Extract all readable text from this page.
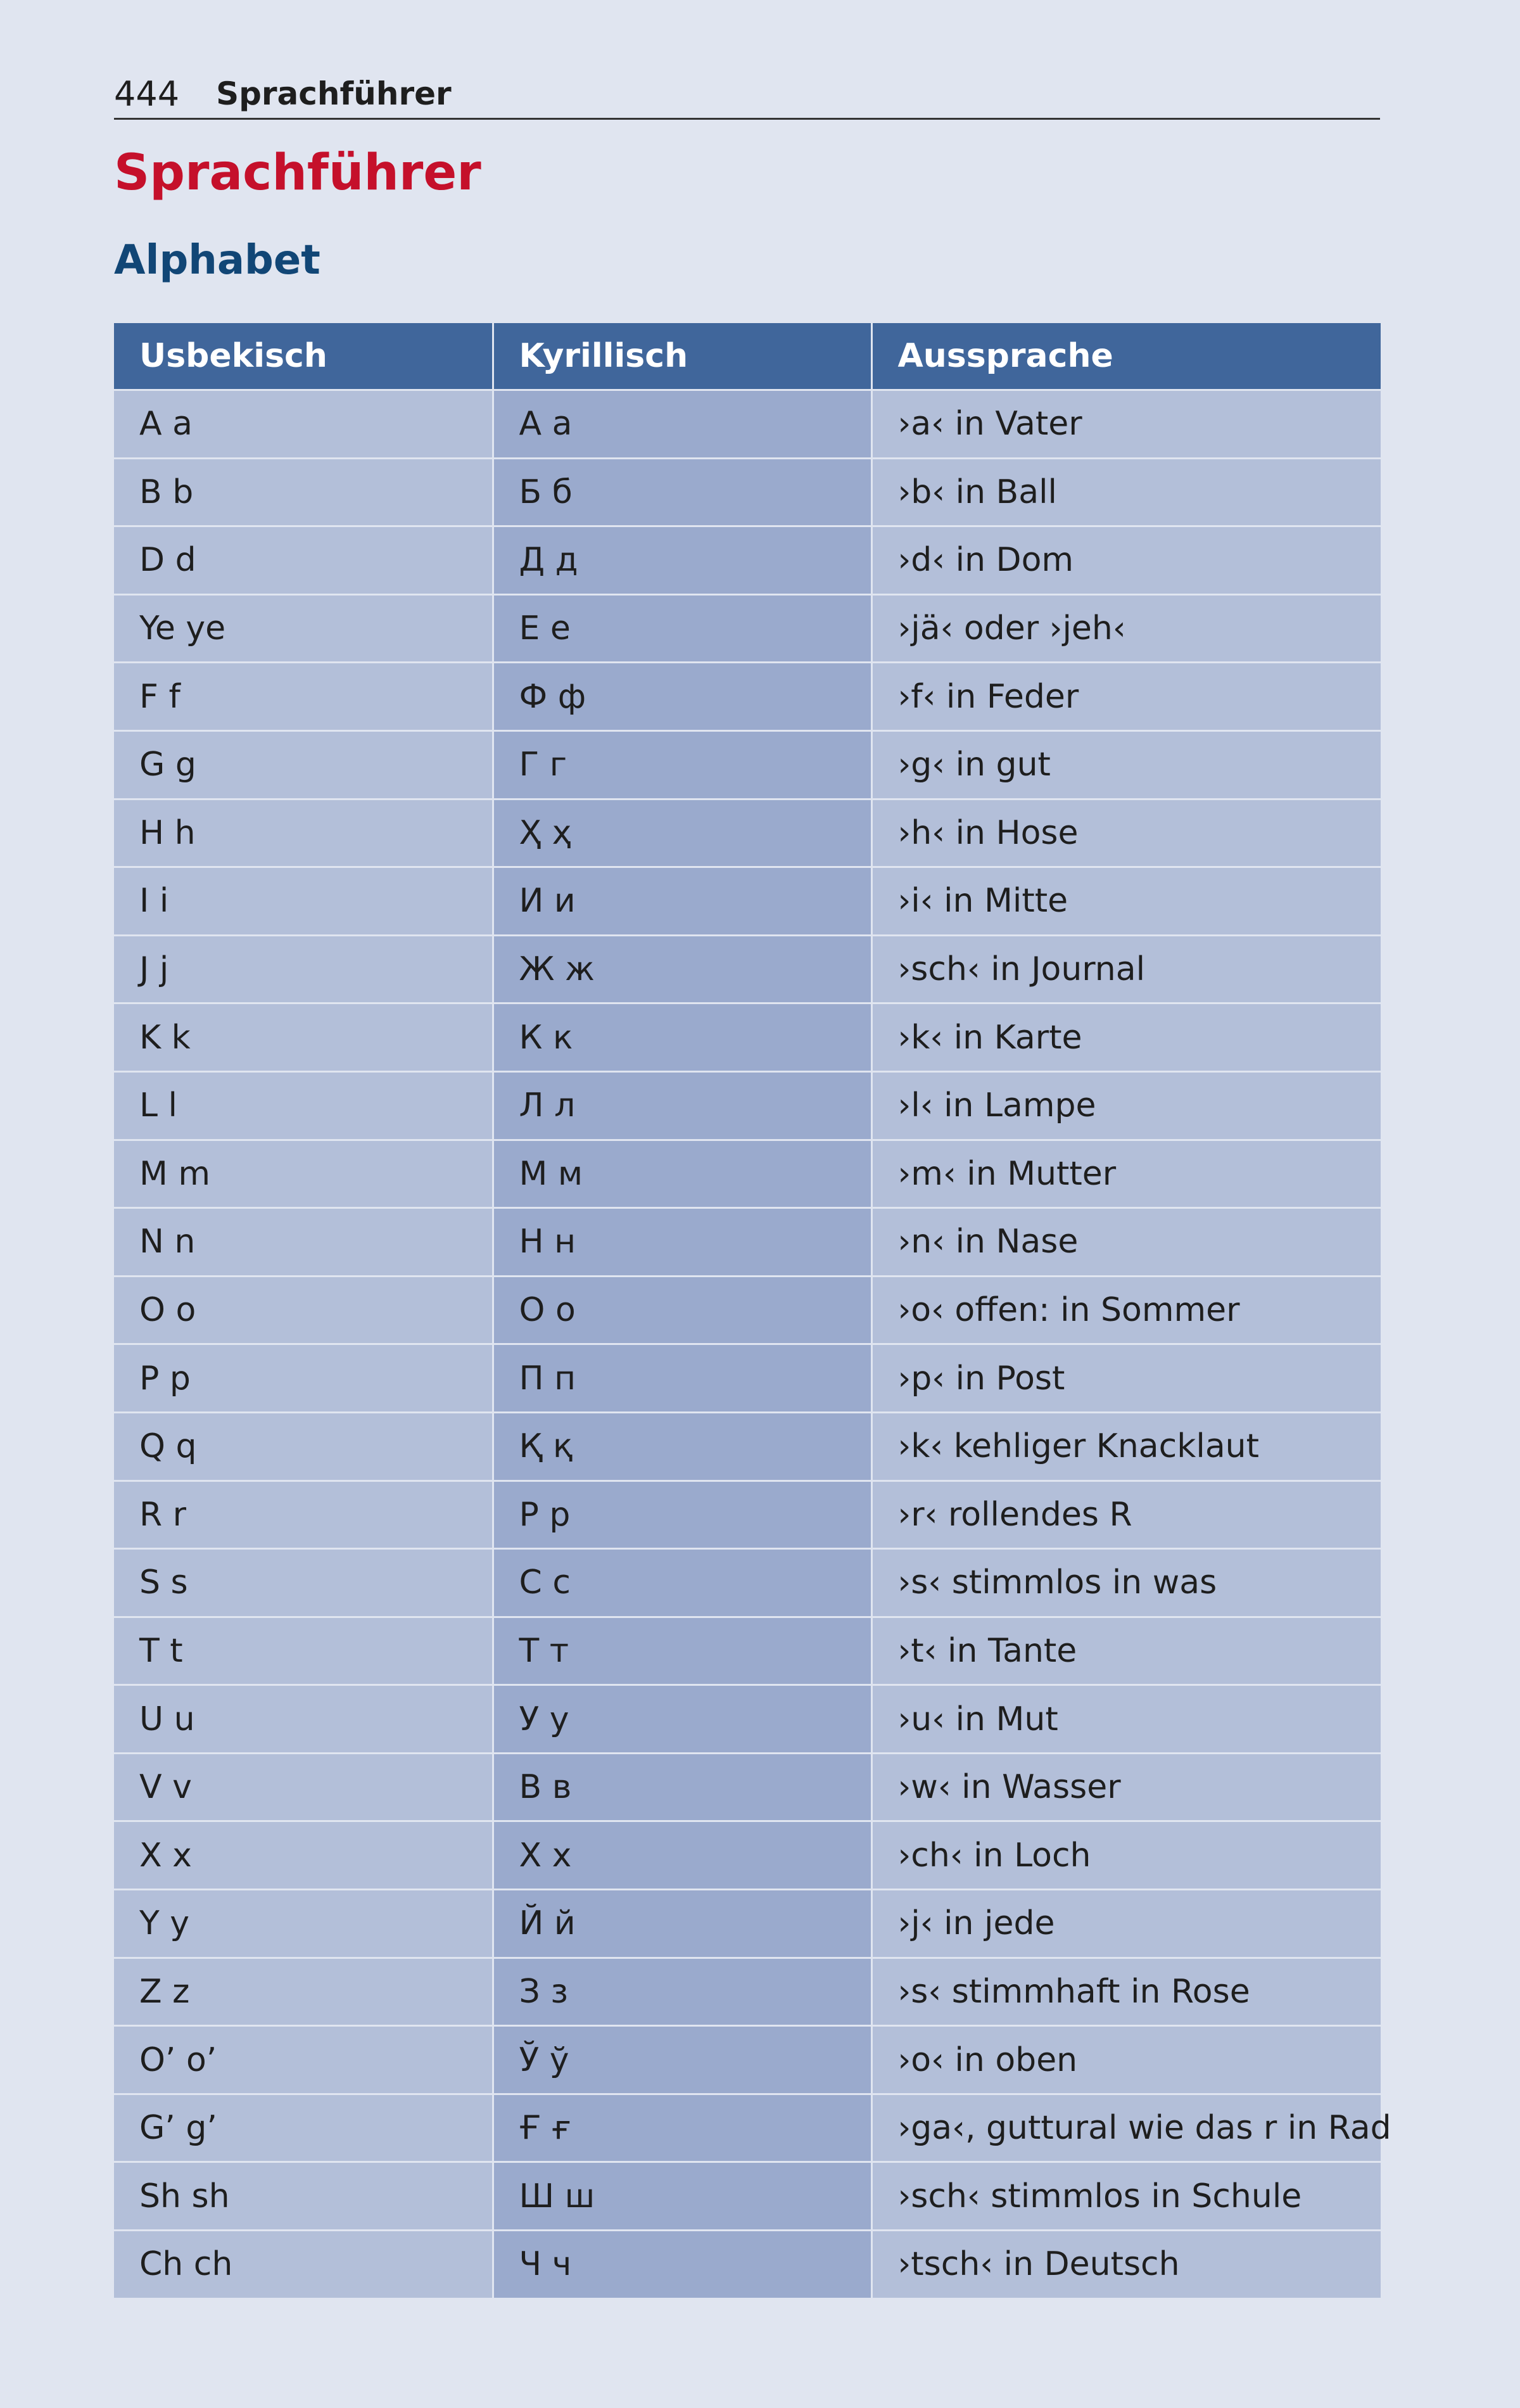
444 Sprachführer
Sprachführer
Alphabet
Usbekisch	Kyrillisch	Aussprache
A a	А а	›a‹ in Vater
B b	Б б	›b‹ in Ball
D d	Д д	›d‹ in Dom
Ye ye	Е е	›jä‹ oder ›jeh‹
F f	Ф ф	›f‹ in Feder
G g	Г г	›g‹ in gut
H h	Ҳ ҳ	›h‹ in Hose
I i	И и	›i‹ in Mitte
J j	Ж ж	›sch‹ in Journal
K k	К к	›k‹ in Karte
L l	Л л	›l‹ in Lampe
M m	М м	›m‹ in Mutter
N n	Н н	›n‹ in Nase
O o	О о	›o‹ offen: in Sommer
P p	П п	›p‹ in Post
Q q	Қ қ	›k‹ kehliger Knacklaut
R r	Р р	›r‹ rollendes R
S s	С с	›s‹ stimmlos in was
T t	Т т	›t‹ in Tante
U u	У у	›u‹ in Mut
V v	В в	›w‹ in Wasser
X x	Х х	›ch‹ in Loch
Y y	Й й	›j‹ in jede
Z z	З з	›s‹ stimmhaft in Rose
O’ o’	Ў ў	›o‹ in oben
G’ g’	Ғ ғ	›ga‹, guttural wie das r in Rad
Sh sh	Ш ш	›sch‹ stimmlos in Schule
Ch ch	Ч ч	›tsch‹ in Deutsch
